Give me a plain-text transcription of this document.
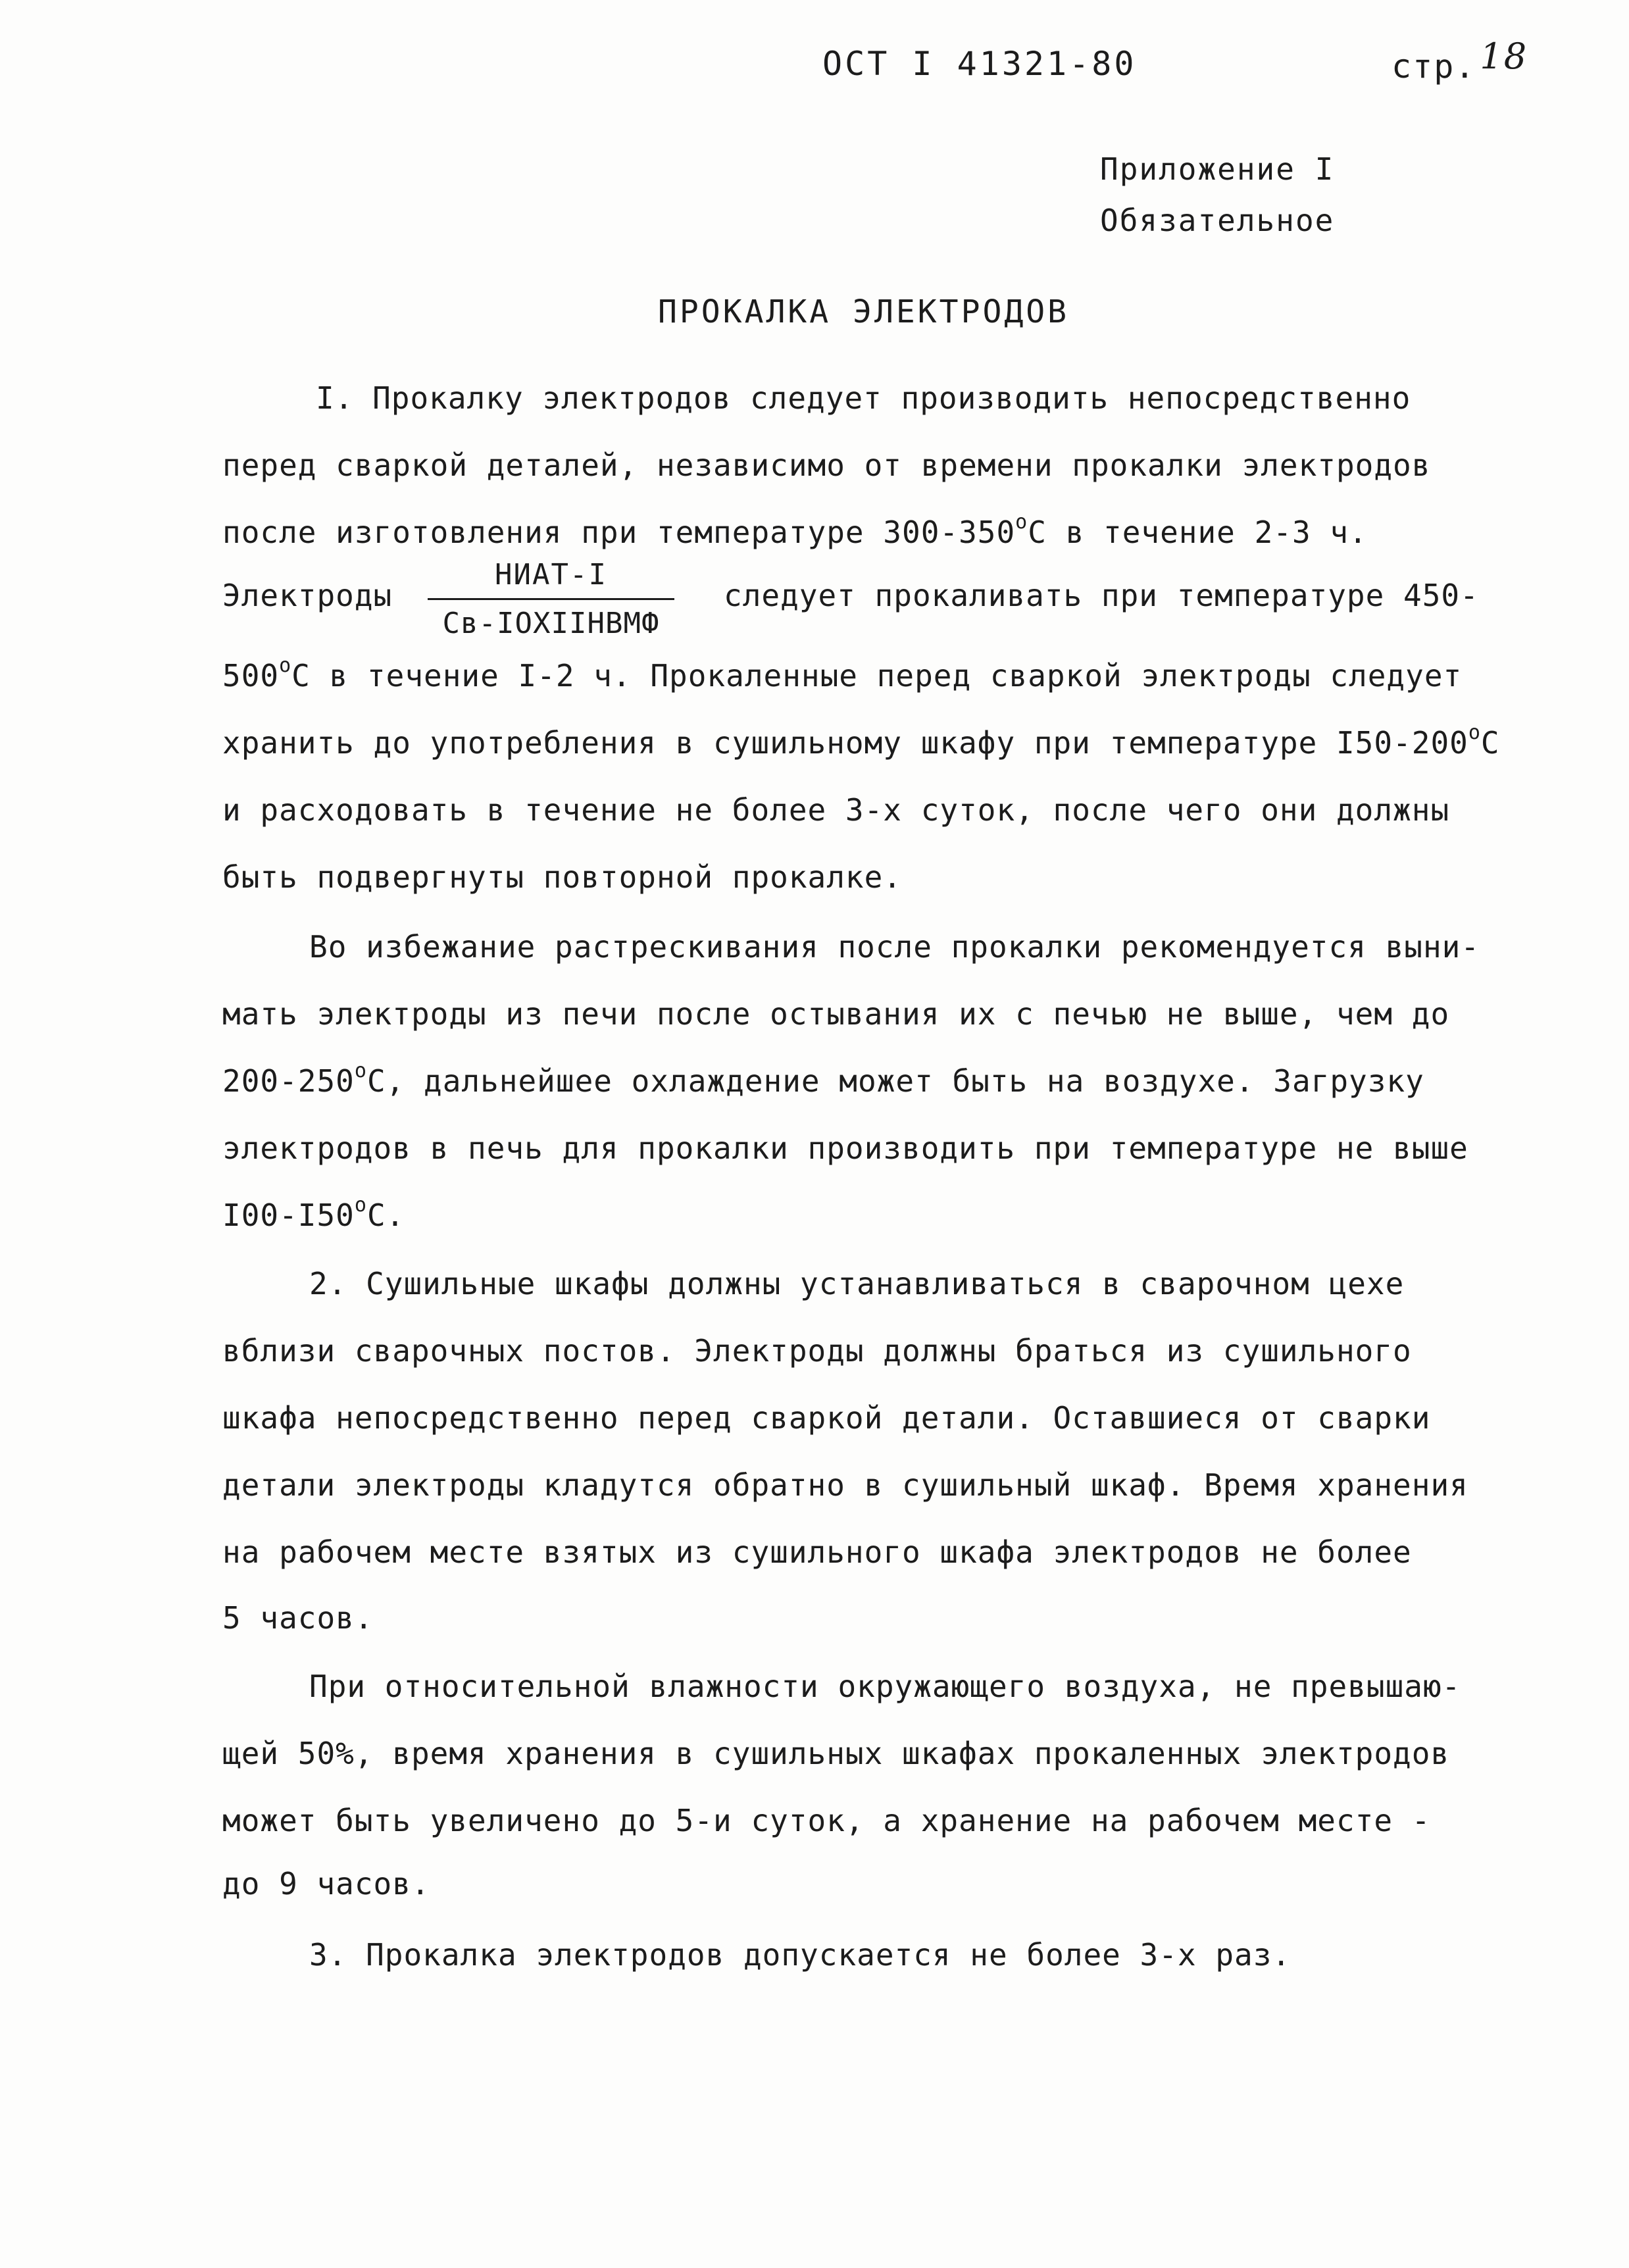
ОСТ I 41321-80	стр. 18
Приложение I
Обязательное
ПРОКАЛКА ЭЛЕКТРОДОВ
I. Прокалку электродов следует производить непосредственно
перед сваркой деталей, независимо от времени прокалки электродов
после изготовления при температуре $300-350^оС$ в течение 2-3 ч.
Электроды
НИАТ-I
Св-IОХIIНВМФ
следует прокаливать при температуре 450-
$500^оС$ в течение I-2 ч. Прокаленные перед сваркой электроды следует
хранить до употребления в сушильному шкафу при температуре $I50-200^оС$
и расходовать в течение не более 3-х суток, после чего они должны
быть подвергнуты повторной прокалке.
Во избежание растрескивания после прокалки рекомендуется выни-
мать электроды из печи после остывания их с печью не выше, чем до
$200-250^оС$, дальнейшее охлаждение может быть на воздухе. Загрузку
электродов в печь для прокалки производить при температуре не выше
$I00-I50^оС$.
2. Сушильные шкафы должны устанавливаться в сварочном цехе
вблизи сварочных постов. Электроды должны браться из сушильного
шкафа непосредственно перед сваркой детали. Оставшиеся от сварки
детали электроды кладутся обратно в сушильный шкаф. Время хранения
на рабочем месте взятых из сушильного шкафа электродов не более
5 часов.
При относительной влажности окружающего воздуха, не превышаю-
щей 50%, время хранения в сушильных шкафах прокаленных электродов
может быть увеличено до 5-и суток, а хранение на рабочем месте -
до 9 часов.
3. Прокалка электродов допускается не более 3-х раз.
